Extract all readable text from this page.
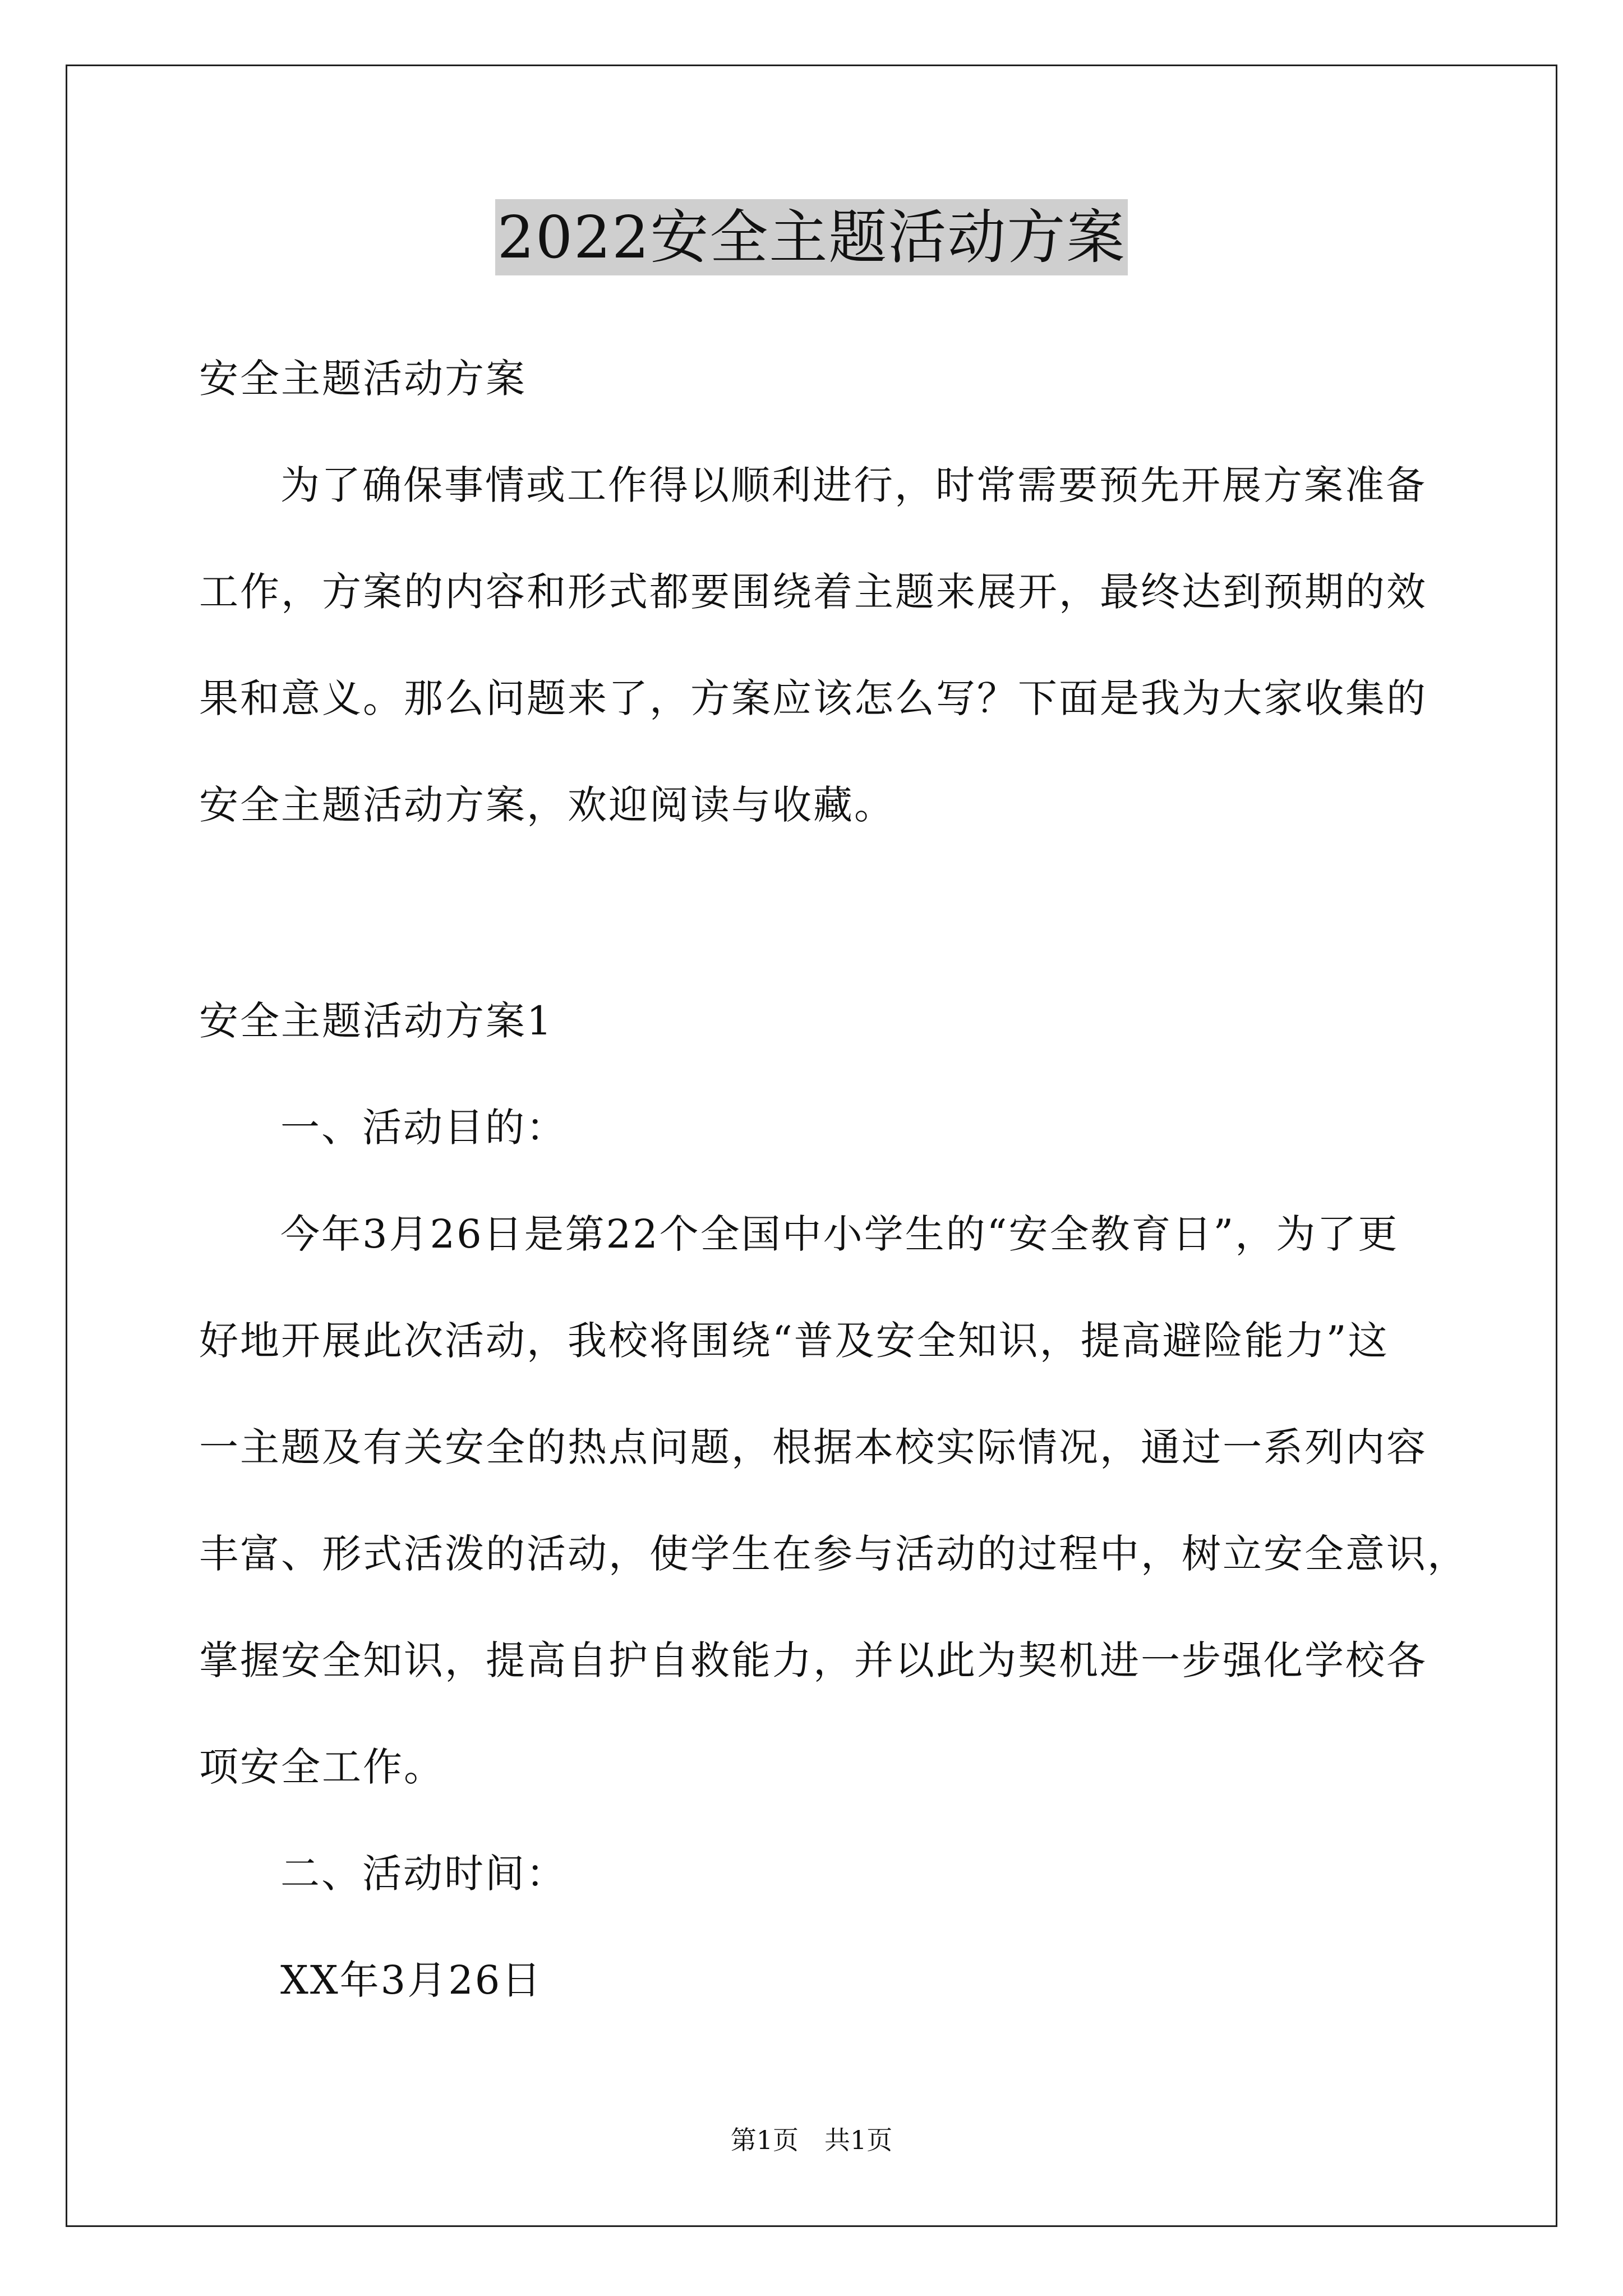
2022安全主题活动方案
安全主题活动方案
为了确保事情或工作得以顺利进行，时常需要预先开展方案准备
工作，方案的内容和形式都要围绕着主题来展开，最终达到预期的效
果和意义。那么问题来了，方案应该怎么写？下面是我为大家收集的
安全主题活动方案，欢迎阅读与收藏。
安全主题活动方案1
一、活动目的：
今年3月26日是第22个全国中小学生的“安全教育日”，为了更
好地开展此次活动，我校将围绕“普及安全知识，提高避险能力”这
一主题及有关安全的热点问题，根据本校实际情况，通过一系列内容
丰富、形式活泼的活动，使学生在参与活动的过程中，树立安全意识，
掌握安全知识，提高自护自救能力，并以此为契机进一步强化学校各
项安全工作。
二、活动时间：
XX年3月26日
第1页　共1页
